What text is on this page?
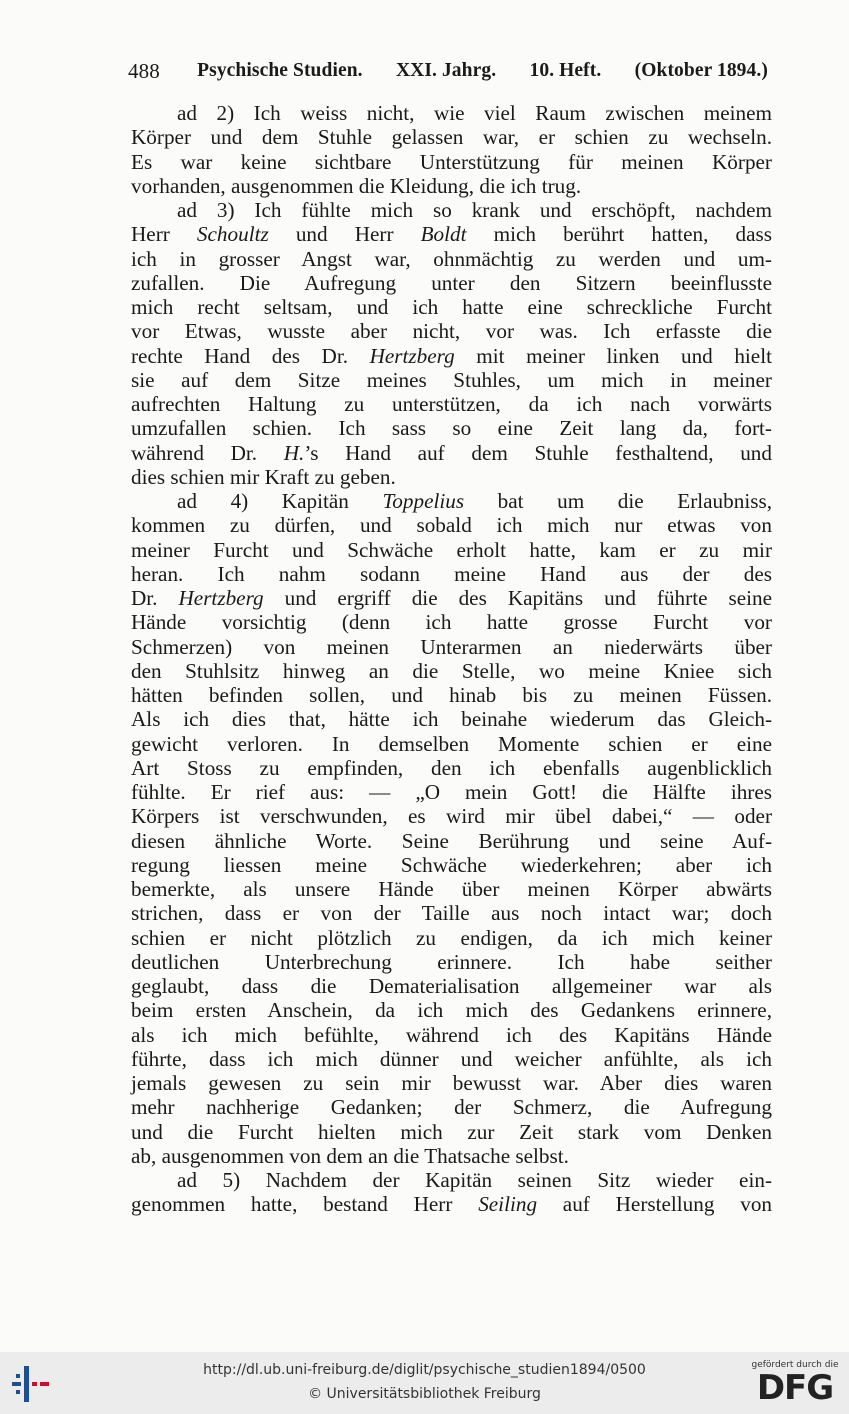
488 Psychische Studien. XXI. Jahrg. 10. Heft. (Oktober 1894.)
ad 2) Ich weiss nicht, wie viel Raum zwischen meinem
Körper und dem Stuhle gelassen war, er schien zu wechseln.
Es war keine sichtbare Unterstützung für meinen Körper
vorhanden, ausgenommen die Kleidung, die ich trug.
ad 3) Ich fühlte mich so krank und erschöpft, nachdem
Herr Schoultz und Herr Boldt mich berührt hatten, dass
ich in grosser Angst war, ohnmächtig zu werden und um-
zufallen. Die Aufregung unter den Sitzern beeinflusste
mich recht seltsam, und ich hatte eine schreckliche Furcht
vor Etwas, wusste aber nicht, vor was. Ich erfasste die
rechte Hand des Dr. Hertzberg mit meiner linken und hielt
sie auf dem Sitze meines Stuhles, um mich in meiner
aufrechten Haltung zu unterstützen, da ich nach vorwärts
umzufallen schien. Ich sass so eine Zeit lang da, fort-
während Dr. H.’s Hand auf dem Stuhle festhaltend, und
dies schien mir Kraft zu geben.
ad 4) Kapitän Toppelius bat um die Erlaubniss,
kommen zu dürfen, und sobald ich mich nur etwas von
meiner Furcht und Schwäche erholt hatte, kam er zu mir
heran. Ich nahm sodann meine Hand aus der des
Dr. Hertzberg und ergriff die des Kapitäns und führte seine
Hände vorsichtig (denn ich hatte grosse Furcht vor
Schmerzen) von meinen Unterarmen an niederwärts über
den Stuhlsitz hinweg an die Stelle, wo meine Kniee sich
hätten befinden sollen, und hinab bis zu meinen Füssen.
Als ich dies that, hätte ich beinahe wiederum das Gleich-
gewicht verloren. In demselben Momente schien er eine
Art Stoss zu empfinden, den ich ebenfalls augenblicklich
fühlte. Er rief aus: — „O mein Gott! die Hälfte ihres
Körpers ist verschwunden, es wird mir übel dabei,“ — oder
diesen ähnliche Worte. Seine Berührung und seine Auf-
regung liessen meine Schwäche wiederkehren; aber ich
bemerkte, als unsere Hände über meinen Körper abwärts
strichen, dass er von der Taille aus noch intact war; doch
schien er nicht plötzlich zu endigen, da ich mich keiner
deutlichen Unterbrechung erinnere. Ich habe seither
geglaubt, dass die Dematerialisation allgemeiner war als
beim ersten Anschein, da ich mich des Gedankens erinnere,
als ich mich befühlte, während ich des Kapitäns Hände
führte, dass ich mich dünner und weicher anfühlte, als ich
jemals gewesen zu sein mir bewusst war. Aber dies waren
mehr nachherige Gedanken; der Schmerz, die Aufregung
und die Furcht hielten mich zur Zeit stark vom Denken
ab, ausgenommen von dem an die Thatsache selbst.
ad 5) Nachdem der Kapitän seinen Sitz wieder ein-
genommen hatte, bestand Herr Seiling auf Herstellung von
http://dl.ub.uni-freiburg.de/diglit/psychische_studien1894/0500
© Universitätsbibliothek Freiburg
gefördert durch die
DFG
